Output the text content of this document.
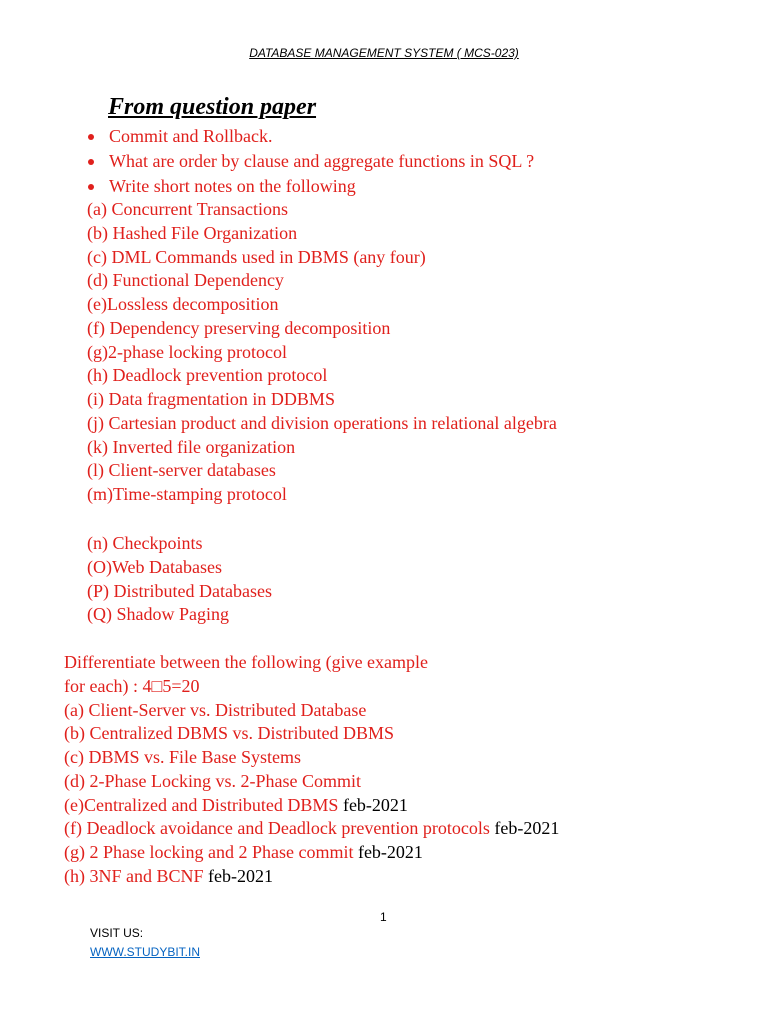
DATABASE MANAGEMENT SYSTEM ( MCS-023)
From question paper
Commit and Rollback.
What are order by clause and aggregate functions in SQL ?
Write short notes on the following
(a) Concurrent Transactions
(b) Hashed File Organization
(c) DML Commands used in DBMS (any four)
(d) Functional Dependency
(e)Lossless decomposition
(f) Dependency preserving decomposition
(g)2-phase locking protocol
(h) Deadlock prevention protocol
(i) Data fragmentation in DDBMS
(j) Cartesian product and division operations in relational algebra
(k) Inverted file organization
(l) Client-server databases
(m)Time-stamping protocol
(n) Checkpoints
(O)Web Databases
(P) Distributed Databases
(Q) Shadow Paging
Differentiate between the following (give example
for each) : 4□5=20
(a) Client-Server vs. Distributed Database
(b) Centralized DBMS vs. Distributed DBMS
(c) DBMS vs. File Base Systems
(d) 2-Phase Locking vs. 2-Phase Commit
(e)Centralized and Distributed DBMS feb-2021
(f) Deadlock avoidance and Deadlock prevention protocols feb-2021
(g) 2 Phase locking and 2 Phase commit feb-2021
(h) 3NF and BCNF feb-2021
1
VISIT US:
WWW.STUDYBIT.IN
